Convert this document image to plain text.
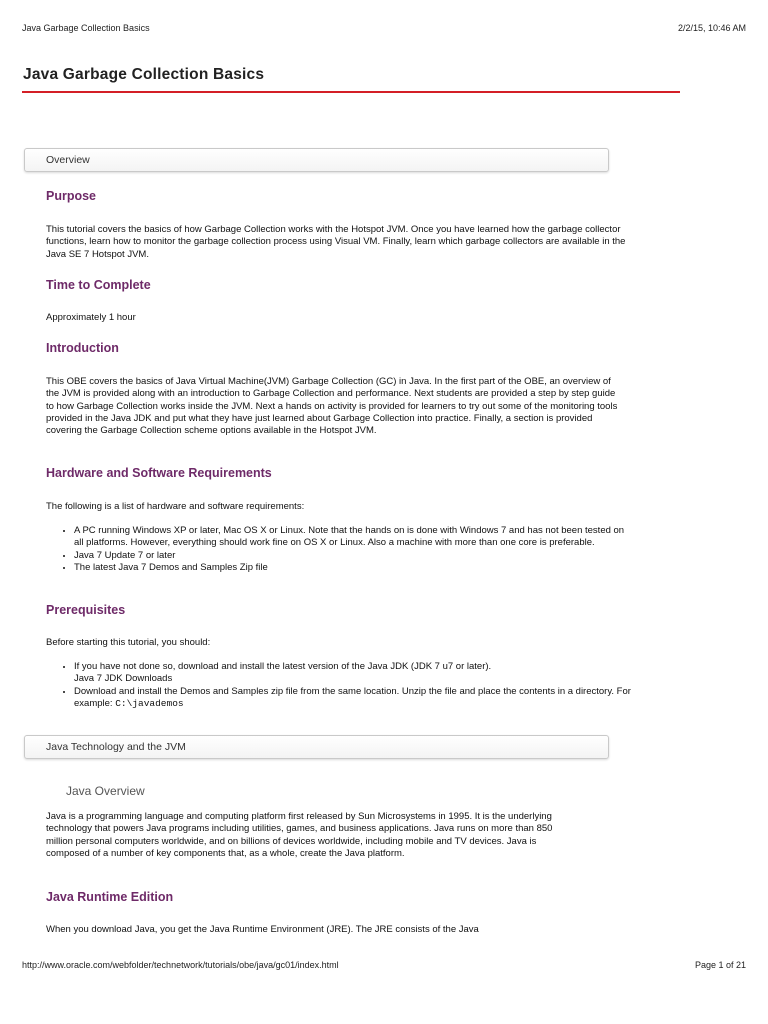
Java Garbage Collection Basics	2/2/15, 10:46 AM
Java Garbage Collection Basics
Overview
Purpose

This tutorial covers the basics of how Garbage Collection works with the Hotspot JVM. Once you have learned how the garbage collector functions, learn how to monitor the garbage collection process using Visual VM. Finally, learn which garbage collectors are available in the Java SE 7 Hotspot JVM.

Time to Complete

Approximately 1 hour

Introduction

This OBE covers the basics of Java Virtual Machine(JVM) Garbage Collection (GC) in Java. In the first part of the OBE, an overview of the JVM is provided along with an introduction to Garbage Collection and performance. Next students are provided a step by step guide to how Garbage Collection works inside the JVM. Next a hands on activity is provided for learners to try out some of the monitoring tools provided in the Java JDK and put what they have just learned about Garbage Collection into practice. Finally, a section is provided covering the Garbage Collection scheme options available in the Hotspot JVM.

Hardware and Software Requirements

The following is a list of hardware and software requirements:

• A PC running Windows XP or later, Mac OS X or Linux. Note that the hands on is done with Windows 7 and has not been tested on all platforms. However, everything should work fine on OS X or Linux. Also a machine with more than one core is preferable.
• Java 7 Update 7 or later
• The latest Java 7 Demos and Samples Zip file
Prerequisites

Before starting this tutorial, you should:

• If you have not done so, download and install the latest version of the Java JDK (JDK 7 u7 or later).
Java 7 JDK Downloads
• Download and install the Demos and Samples zip file from the same location. Unzip the file and place the contents in a directory. For example: C:\javademos
Java Technology and the JVM
Java Overview

Java is a programming language and computing platform first released by Sun Microsystems in 1995. It is the underlying technology that powers Java programs including utilities, games, and business applications. Java runs on more than 850 million personal computers worldwide, and on billions of devices worldwide, including mobile and TV devices. Java is composed of a number of key components that, as a whole, create the Java platform.

Java Runtime Edition

When you download Java, you get the Java Runtime Environment (JRE). The JRE consists of the Java

http://www.oracle.com/webfolder/technetwork/tutorials/obe/java/gc01/index.html	Page 1 of 21
